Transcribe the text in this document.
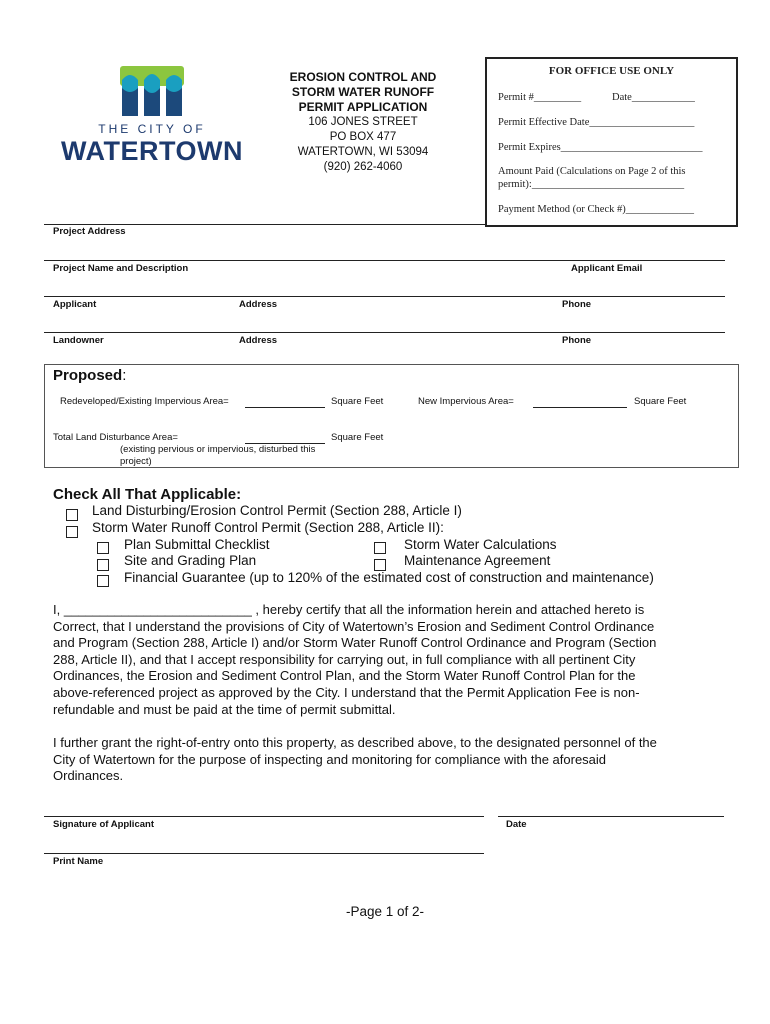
THE CITY OF
WATERTOWN
EROSION CONTROL AND
STORM WATER RUNOFF
PERMIT APPLICATION
106 JONES STREET
PO BOX 477
WATERTOWN, WI 53094
(920) 262-4060
FOR OFFICE USE ONLY
Permit #_________	Date____________
Permit Effective Date____________________
Permit Expires___________________________
Amount Paid (Calculations on Page 2 of this
permit):_____________________________
Payment Method (or Check #)_____________
Project Address
Project Name and Description	Applicant Email
Applicant	Address	Phone
Landowner	Address	Phone
Proposed:
Redeveloped/Existing Impervious Area=	Square Feet	New Impervious Area=	Square Feet
Total Land Disturbance Area=	Square Feet
(existing pervious or impervious, disturbed this
project)
Check All That Applicable:
Land Disturbing/Erosion Control Permit (Section 288, Article I)
Storm Water Runoff Control Permit (Section 288, Article II):
Plan Submittal Checklist	Storm Water Calculations
Site and Grading Plan	Maintenance Agreement
Financial Guarantee (up to 120% of the estimated cost of construction and maintenance)
I, __________________________ , hereby certify that all the information herein and attached hereto is
Correct, that I understand the provisions of City of Watertown’s Erosion and Sediment Control Ordinance
and Program (Section 288, Article I) and/or Storm Water Runoff Control Ordinance and Program (Section
288, Article II), and that I accept responsibility for carrying out, in full compliance with all pertinent City
Ordinances, the Erosion and Sediment Control Plan, and the Storm Water Runoff Control Plan for the
above-referenced project as approved by the City. I understand that the Permit Application Fee is non-
refundable and must be paid at the time of permit submittal.
I further grant the right-of-entry onto this property, as described above, to the designated personnel of the
City of Watertown for the purpose of inspecting and monitoring for compliance with the aforesaid
Ordinances.
Signature of Applicant	Date
Print Name
-Page 1 of 2-
